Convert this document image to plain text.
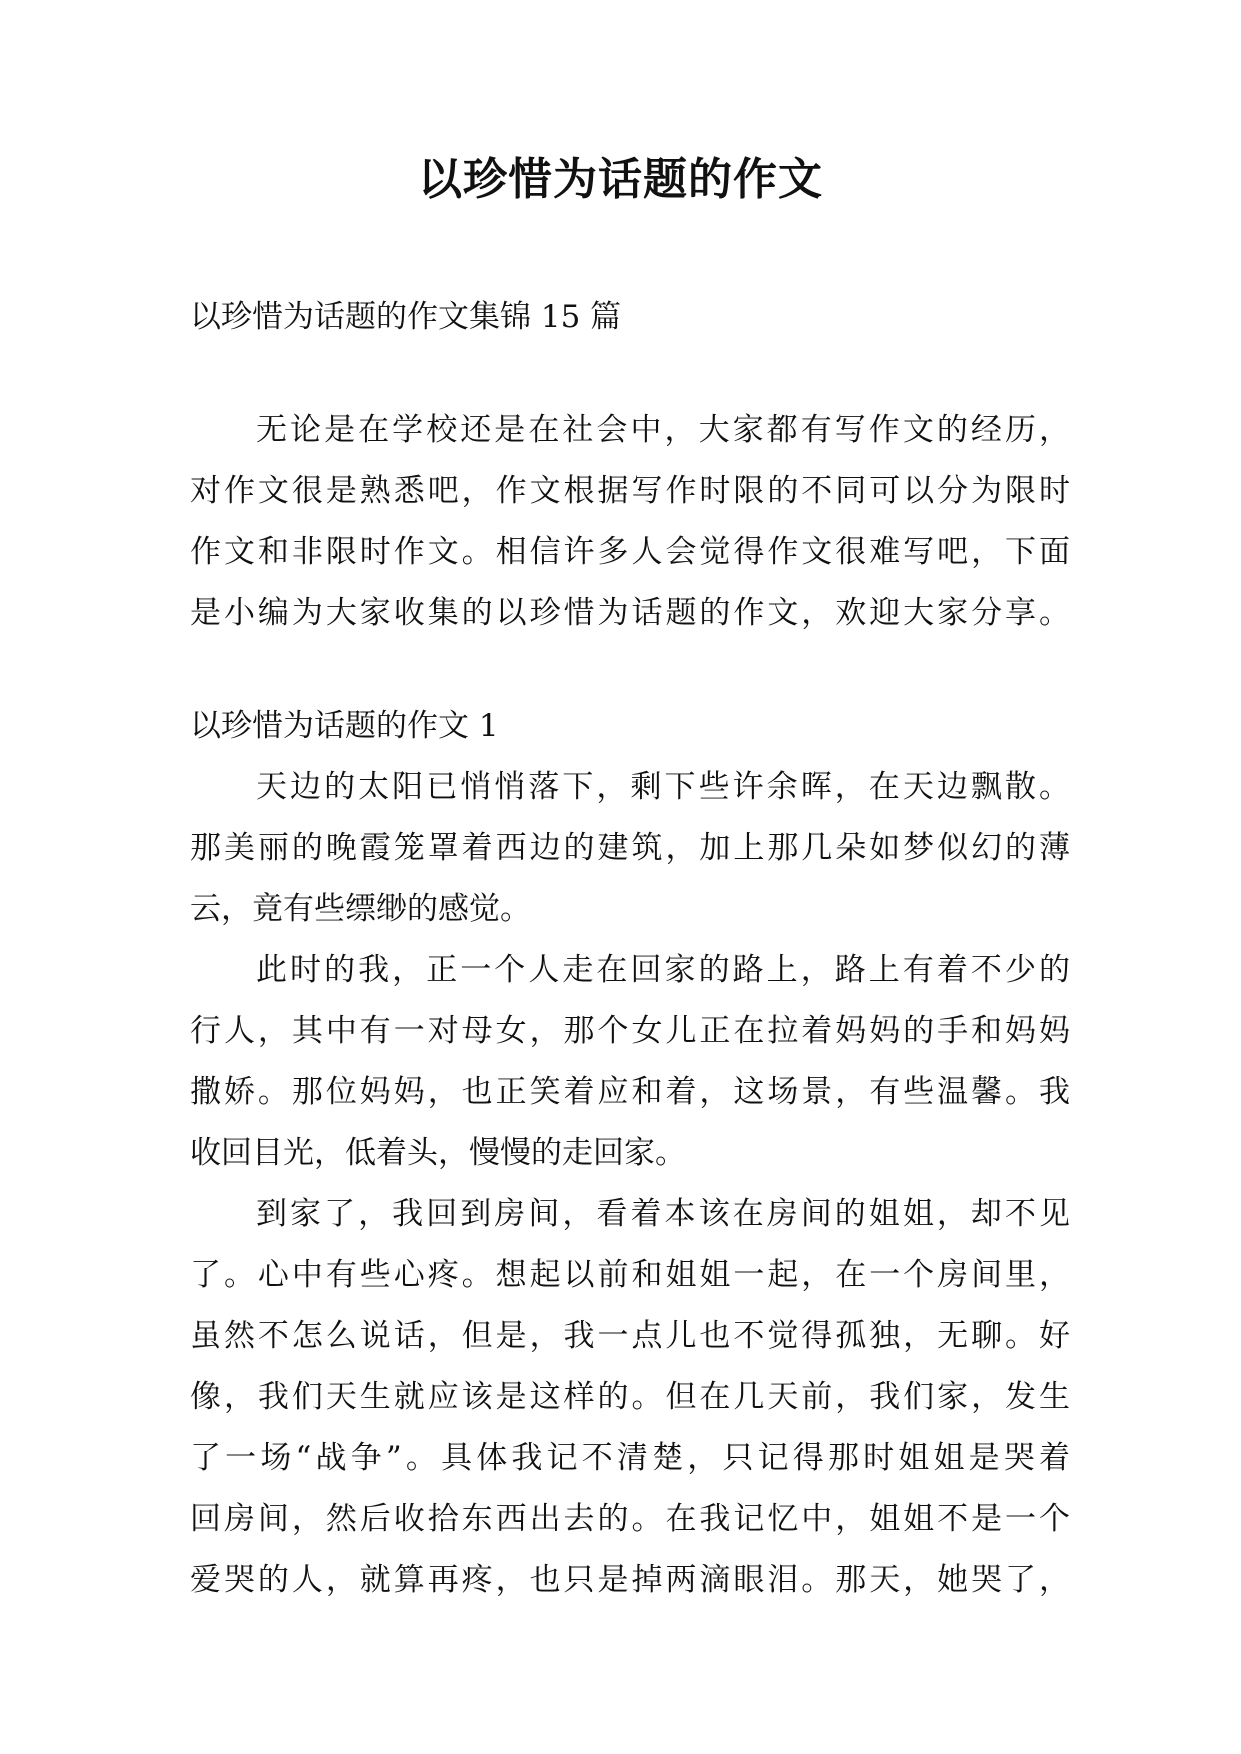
以珍惜为话题的作文
以珍惜为话题的作文集锦 15 篇
无论是在学校还是在社会中，大家都有写作文的经历，
对作文很是熟悉吧，作文根据写作时限的不同可以分为限时
作文和非限时作文。相信许多人会觉得作文很难写吧，下面
是小编为大家收集的以珍惜为话题的作文，欢迎大家分享。
以珍惜为话题的作文 1
天边的太阳已悄悄落下，剩下些许余晖，在天边飘散。
那美丽的晚霞笼罩着西边的建筑，加上那几朵如梦似幻的薄
云，竟有些缥缈的感觉。
此时的我，正一个人走在回家的路上，路上有着不少的
行人，其中有一对母女，那个女儿正在拉着妈妈的手和妈妈
撒娇。那位妈妈，也正笑着应和着，这场景，有些温馨。我
收回目光，低着头，慢慢的走回家。
到家了，我回到房间，看着本该在房间的姐姐，却不见
了。心中有些心疼。想起以前和姐姐一起，在一个房间里，
虽然不怎么说话，但是，我一点儿也不觉得孤独，无聊。好
像，我们天生就应该是这样的。但在几天前，我们家，发生
了一场“战争”。具体我记不清楚，只记得那时姐姐是哭着
回房间，然后收拾东西出去的。在我记忆中，姐姐不是一个
爱哭的人，就算再疼，也只是掉两滴眼泪。那天，她哭了，
